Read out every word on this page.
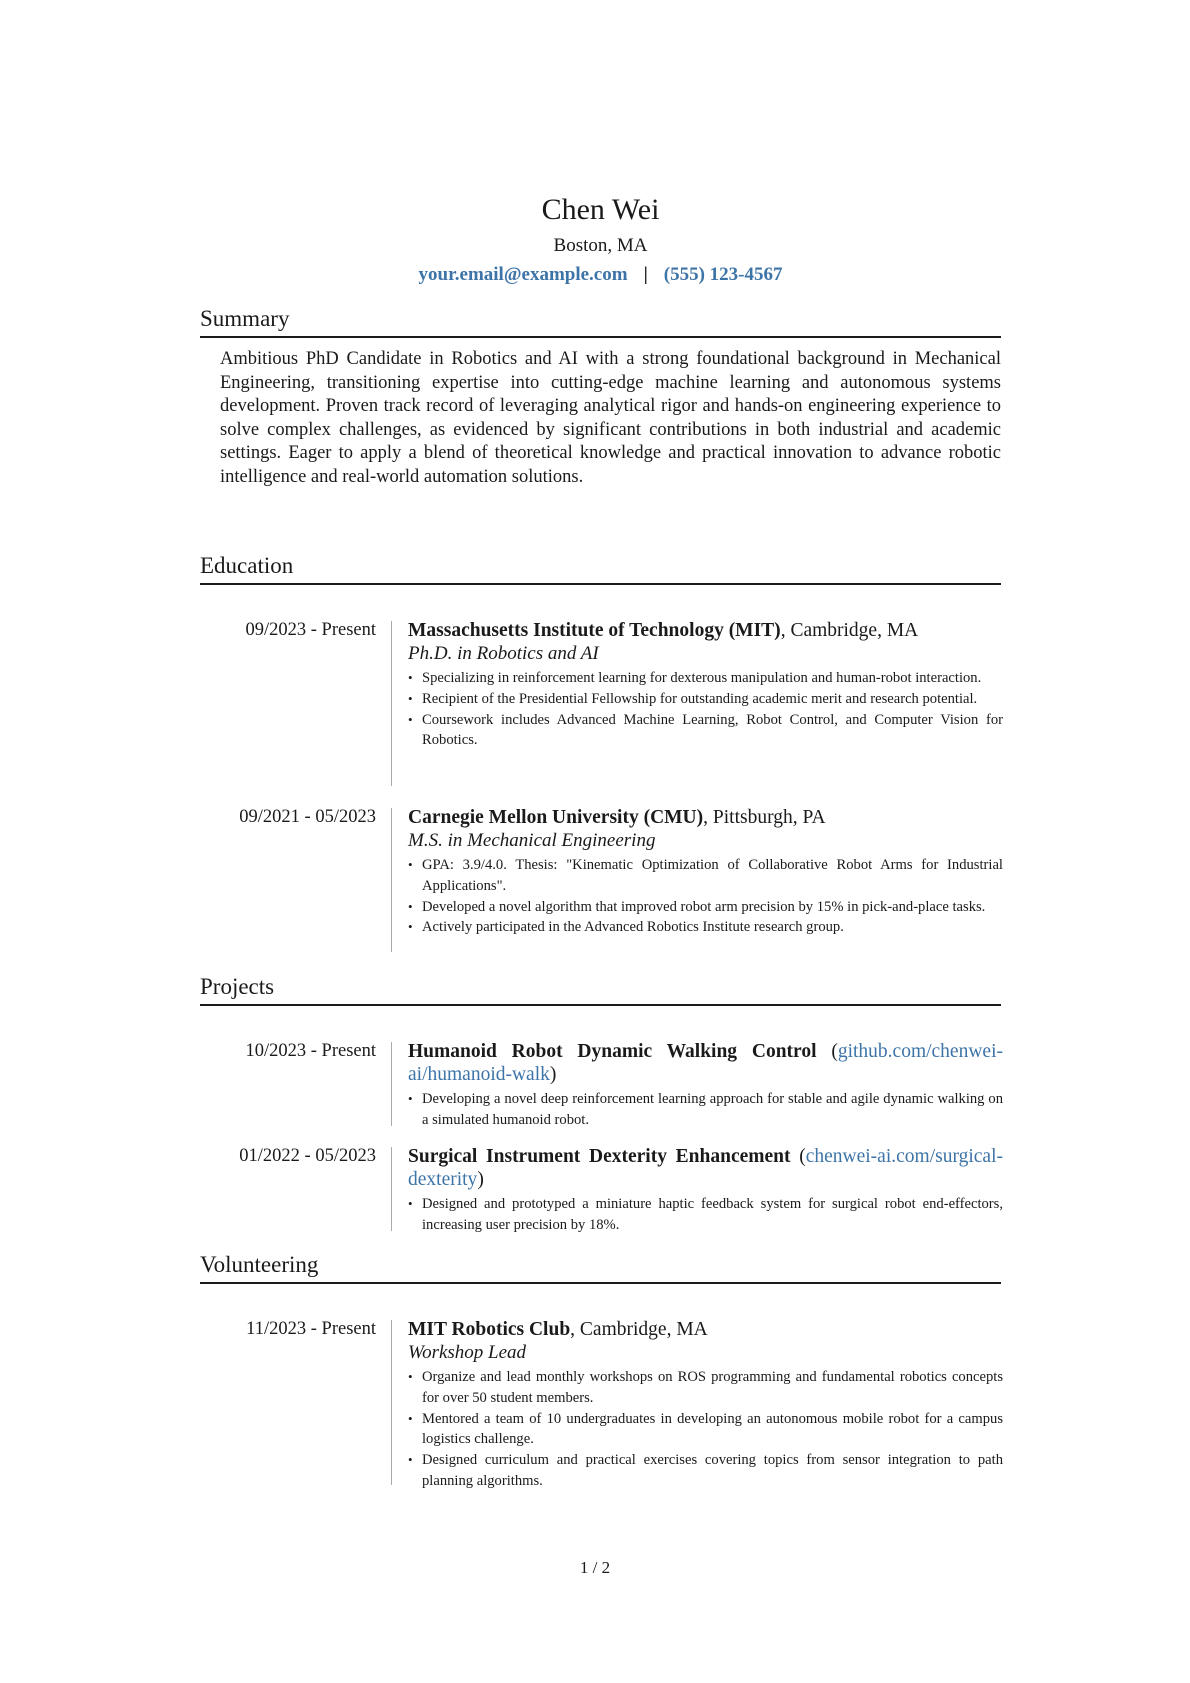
Chen Wei
Boston, MA
your.email@example.com | (555) 123-4567
Summary

Ambitious PhD Candidate in Robotics and AI with a strong foundational background in Mechanical Engineering, transitioning expertise into cutting-edge machine learning and autonomous systems development. Proven track record of leveraging analytical rigor and hands-on engineering experience to solve complex challenges, as evidenced by significant contributions in both industrial and academic settings. Eager to apply a blend of theoretical knowledge and practical innovation to advance robotic intelligence and real-world automation solutions.

Education
09/2023 - Present Massachusetts Institute of Technology (MIT), Cambridge, MA
Ph.D. in Robotics and AI
• Specializing in reinforcement learning for dexterous manipulation and human-robot interaction.
• Recipient of the Presidential Fellowship for outstanding academic merit and research potential.
• Coursework includes Advanced Machine Learning, Robot Control, and Computer Vision for Robotics.
09/2021 - 05/2023 Carnegie Mellon University (CMU), Pittsburgh, PA
M.S. in Mechanical Engineering
• GPA: 3.9/4.0. Thesis: "Kinematic Optimization of Collaborative Robot Arms for Industrial Applications".
• Developed a novel algorithm that improved robot arm precision by 15% in pick-and-place tasks.
• Actively participated in the Advanced Robotics Institute research group.
Projects
10/2023 - Present Humanoid Robot Dynamic Walking Control (github.com/chenwei-ai/humanoid-walk)
• Developing a novel deep reinforcement learning approach for stable and agile dynamic walking on a simulated humanoid robot.
01/2022 - 05/2023 Surgical Instrument Dexterity Enhancement (chenwei-ai.com/surgical-dexterity)
• Designed and prototyped a miniature haptic feedback system for surgical robot end-effectors, increasing user precision by 18%.
Volunteering
11/2023 - Present MIT Robotics Club, Cambridge, MA
Workshop Lead
• Organize and lead monthly workshops on ROS programming and fundamental robotics concepts for over 50 student members.
• Mentored a team of 10 undergraduates in developing an autonomous mobile robot for a campus logistics challenge.
• Designed curriculum and practical exercises covering topics from sensor integration to path planning algorithms.
1 / 2
